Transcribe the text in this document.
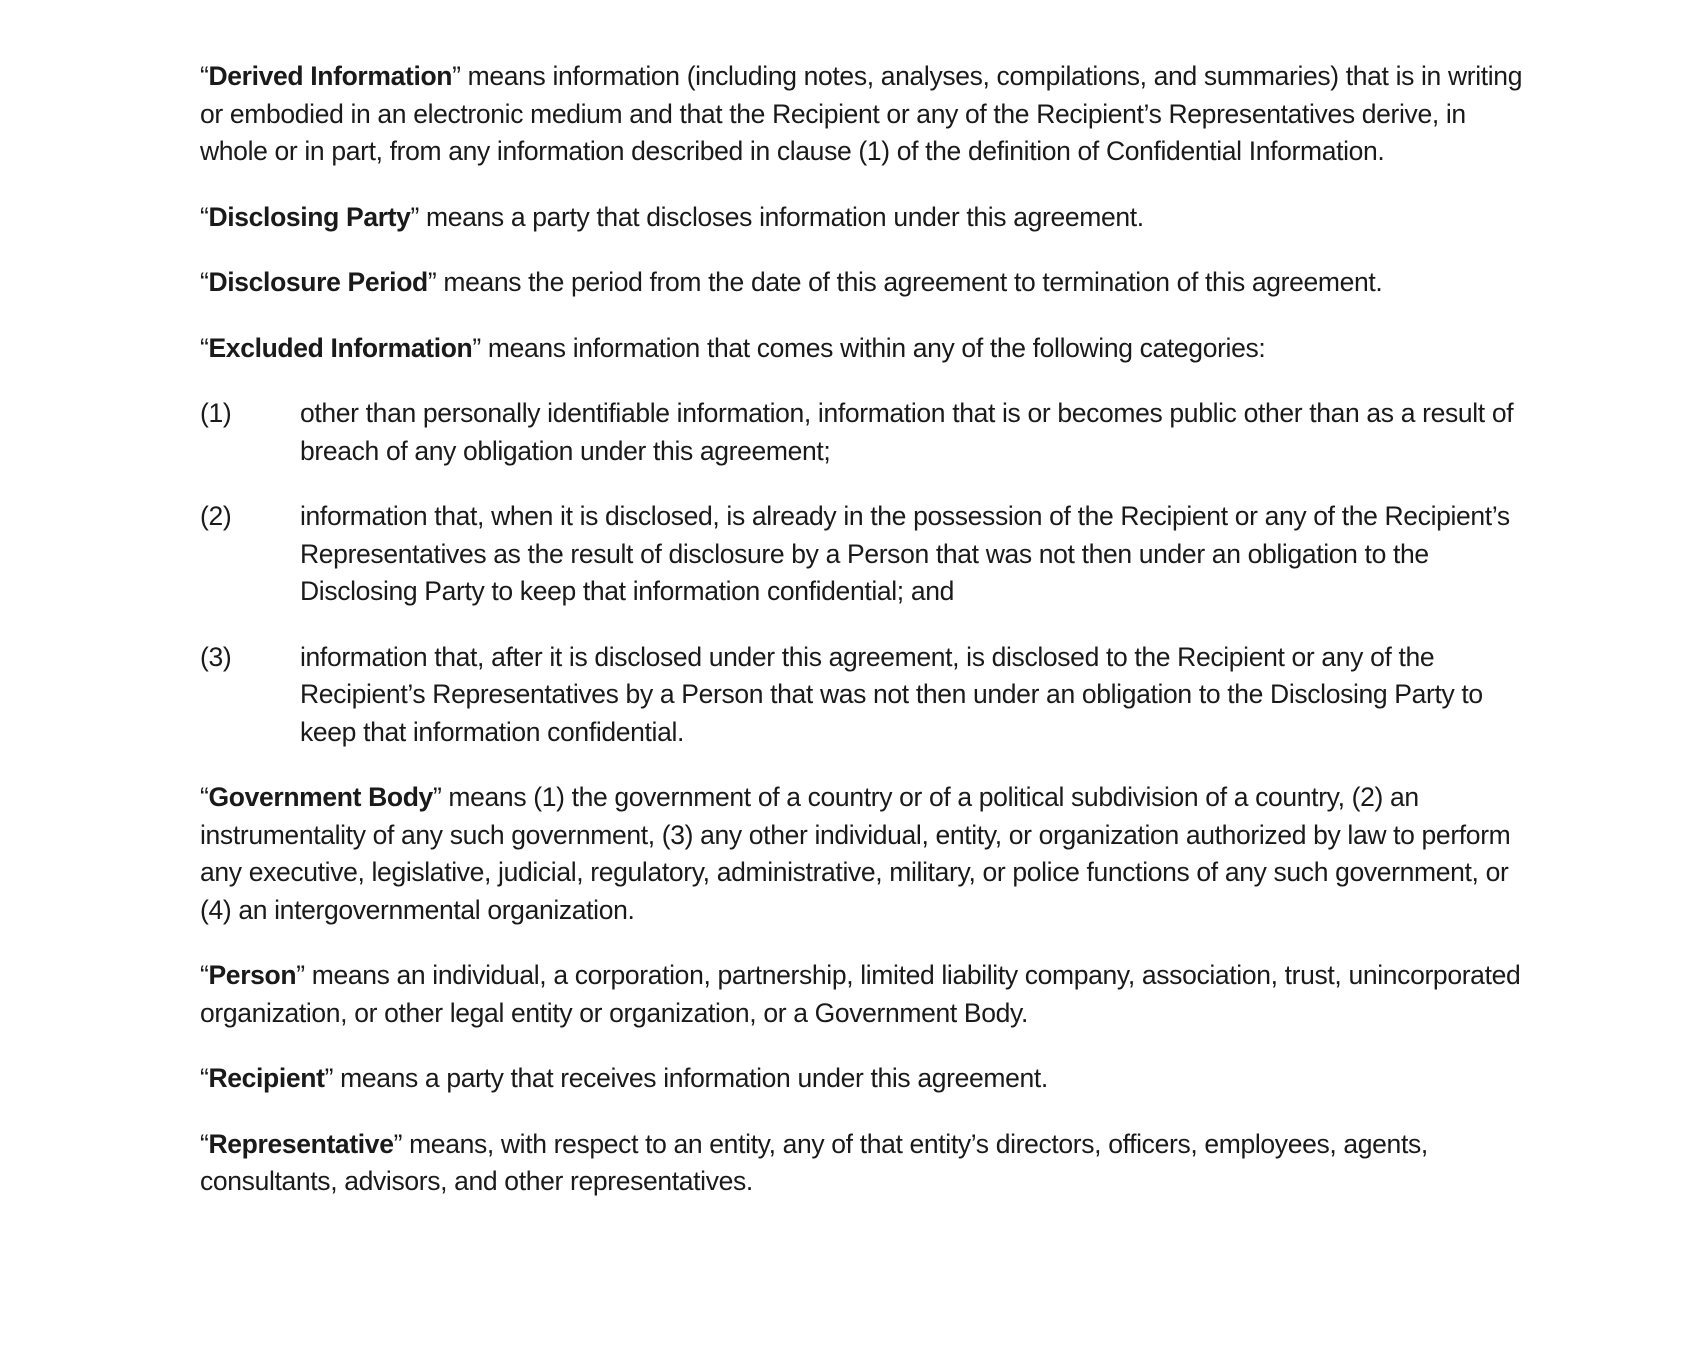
“Derived Information” means information (including notes, analyses, compilations, and summaries) that is in writing or embodied in an electronic medium and that the Recipient or any of the Recipient’s Representatives derive, in whole or in part, from any information described in clause (1) of the definition of Confidential Information.

“Disclosing Party” means a party that discloses information under this agreement.

“Disclosure Period” means the period from the date of this agreement to termination of this agreement.

“Excluded Information” means information that comes within any of the following categories:

(1)	other than personally identifiable information, information that is or becomes public other than as a result of breach of any obligation under this agreement;
(2)	information that, when it is disclosed, is already in the possession of the Recipient or any of the Recipient’s Representatives as the result of disclosure by a Person that was not then under an obligation to the Disclosing Party to keep that information confidential; and
(3)	information that, after it is disclosed under this agreement, is disclosed to the Recipient or any of the Recipient’s Representatives by a Person that was not then under an obligation to the Disclosing Party to keep that information confidential.

“Government Body” means (1) the government of a country or of a political subdivision of a country, (2) an instrumentality of any such government, (3) any other individual, entity, or organization authorized by law to perform any executive, legislative, judicial, regulatory, administrative, military, or police functions of any such government, or (4) an intergovernmental organization.

“Person” means an individual, a corporation, partnership, limited liability company, association, trust, unincorporated organization, or other legal entity or organization, or a Government Body.

“Recipient” means a party that receives information under this agreement.

“Representative” means, with respect to an entity, any of that entity’s directors, officers, employees, agents, consultants, advisors, and other representatives.
